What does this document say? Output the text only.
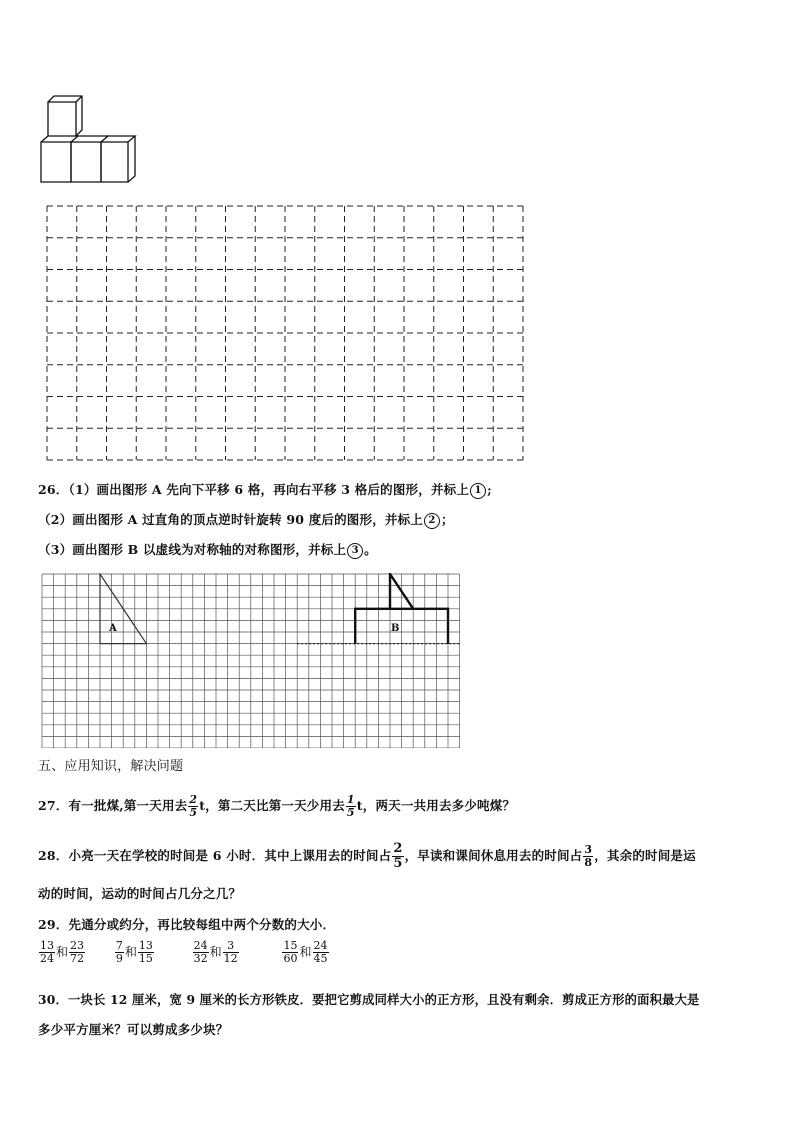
26．（1）画出图形 A 先向下平移 6 格，再向右平移 3 格后的图形，并标上 1 ;
（2）画出图形 A 过直角的顶点逆时针旋转 90 度后的图形，并标上 2 ；
（3）画出图形 B 以虚线为对称轴的对称图形，并标上 3 。
A	B
五、应用知识，解决问题
27．有一批煤,第一天用去 $\frac{2}{5}$ t，第二天比第一天少用去 $\frac{1}{5}$ t，两天一共用去多少吨煤？
28．小亮一天在学校的时间是 6 小时．其中上课用去的时间占 $\frac{2}{5}$ ，早读和课间休息用去的时间占 $\frac{3}{8}$ ，其余的时间是运
动的时间，运动的时间占几分之几？
29．先通分或约分，再比较每组中两个分数的大小．
$\frac{13}{24}$ 和 $\frac{23}{72}$
	$\frac{7}{9}$ 和 $\frac{13}{15}$
	$\frac{24}{32}$ 和 $\frac{3}{12}$
	$\frac{15}{60}$ 和 $\frac{24}{45}$
30．一块长 12 厘米，宽 9 厘米的长方形铁皮．要把它剪成同样大小的正方形，且没有剩余．剪成正方形的面积最大是
多少平方厘米？可以剪成多少块？
